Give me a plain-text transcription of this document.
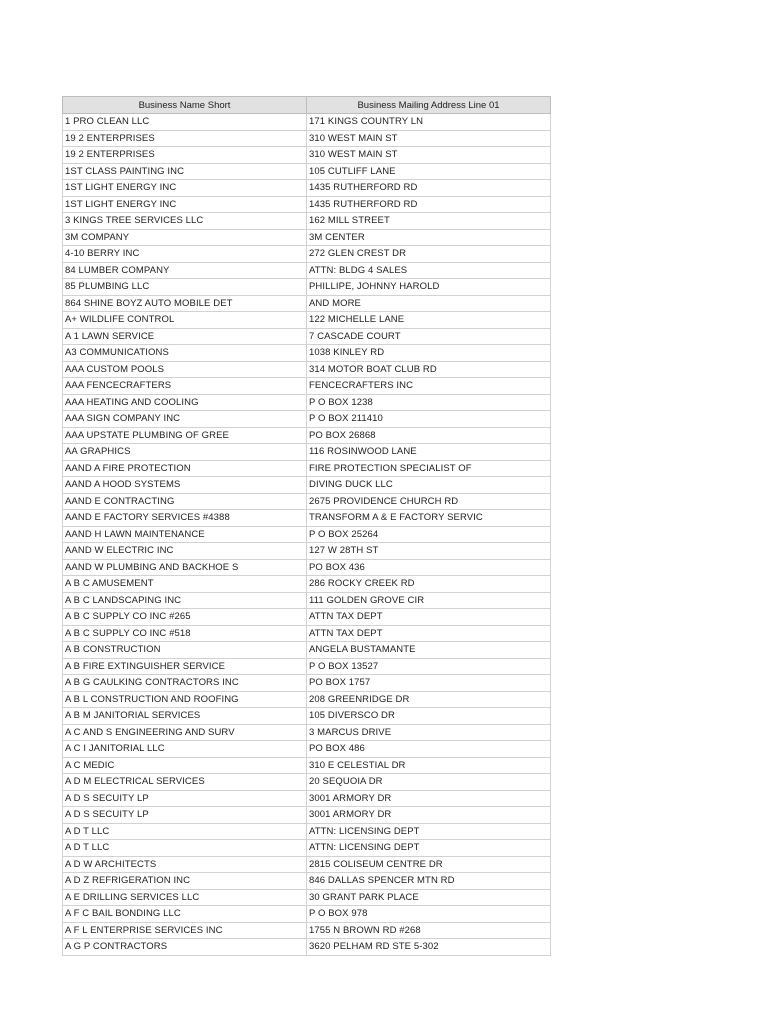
Business Name Short	Business Mailing Address Line 01
1 PRO CLEAN LLC	171 KINGS COUNTRY LN
19 2 ENTERPRISES	310 WEST MAIN ST
19 2 ENTERPRISES	310 WEST MAIN ST
1ST CLASS PAINTING INC	105 CUTLIFF LANE
1ST LIGHT ENERGY INC	1435 RUTHERFORD RD
1ST LIGHT ENERGY INC	1435 RUTHERFORD RD
3 KINGS TREE SERVICES LLC	162 MILL STREET
3M COMPANY	3M CENTER
4-10 BERRY INC	272 GLEN CREST DR
84 LUMBER COMPANY	ATTN: BLDG 4 SALES
85 PLUMBING LLC	PHILLIPE, JOHNNY HAROLD
864 SHINE BOYZ AUTO MOBILE DET	AND MORE
A+ WILDLIFE CONTROL	122 MICHELLE LANE
A 1 LAWN SERVICE	7 CASCADE COURT
A3 COMMUNICATIONS	1038 KINLEY RD
AAA CUSTOM POOLS	314 MOTOR BOAT CLUB RD
AAA FENCECRAFTERS	FENCECRAFTERS INC
AAA HEATING AND COOLING	P O BOX 1238
AAA SIGN COMPANY INC	P O BOX 211410
AAA UPSTATE PLUMBING OF GREE	PO BOX 26868
AA GRAPHICS	116 ROSINWOOD LANE
AAND A FIRE PROTECTION	FIRE PROTECTION SPECIALIST OF
AAND A HOOD SYSTEMS	DIVING DUCK LLC
AAND E CONTRACTING	2675 PROVIDENCE CHURCH RD
AAND E FACTORY SERVICES #4388	TRANSFORM A & E FACTORY SERVIC
AAND H LAWN MAINTENANCE	P O BOX 25264
AAND W ELECTRIC INC	127 W 28TH ST
AAND W PLUMBING AND BACKHOE S	PO BOX 436
A B C AMUSEMENT	286 ROCKY CREEK RD
A B C LANDSCAPING INC	111 GOLDEN GROVE CIR
A B C SUPPLY CO INC #265	ATTN TAX DEPT
A B C SUPPLY CO INC #518	ATTN TAX DEPT
A B CONSTRUCTION	ANGELA BUSTAMANTE
A B FIRE EXTINGUISHER SERVICE	P O BOX 13527
A B G CAULKING CONTRACTORS INC	PO BOX 1757
A B L CONSTRUCTION AND ROOFING	208 GREENRIDGE DR
A B M JANITORIAL SERVICES	105 DIVERSCO DR
A C AND S ENGINEERING AND SURV	3 MARCUS DRIVE
A C I JANITORIAL LLC	PO BOX 486
A C MEDIC	310 E CELESTIAL DR
A D M ELECTRICAL SERVICES	20 SEQUOIA DR
A D S SECUITY LP	3001 ARMORY DR
A D S SECUITY LP	3001 ARMORY DR
A D T LLC	ATTN: LICENSING DEPT
A D T LLC	ATTN: LICENSING DEPT
A D W ARCHITECTS	2815 COLISEUM CENTRE DR
A D Z REFRIGERATION INC	846 DALLAS SPENCER MTN RD
A E DRILLING SERVICES LLC	30 GRANT PARK PLACE
A F C BAIL BONDING LLC	P O BOX 978
A F L ENTERPRISE SERVICES INC	1755 N BROWN RD #268
A G P CONTRACTORS	3620 PELHAM RD STE 5-302
